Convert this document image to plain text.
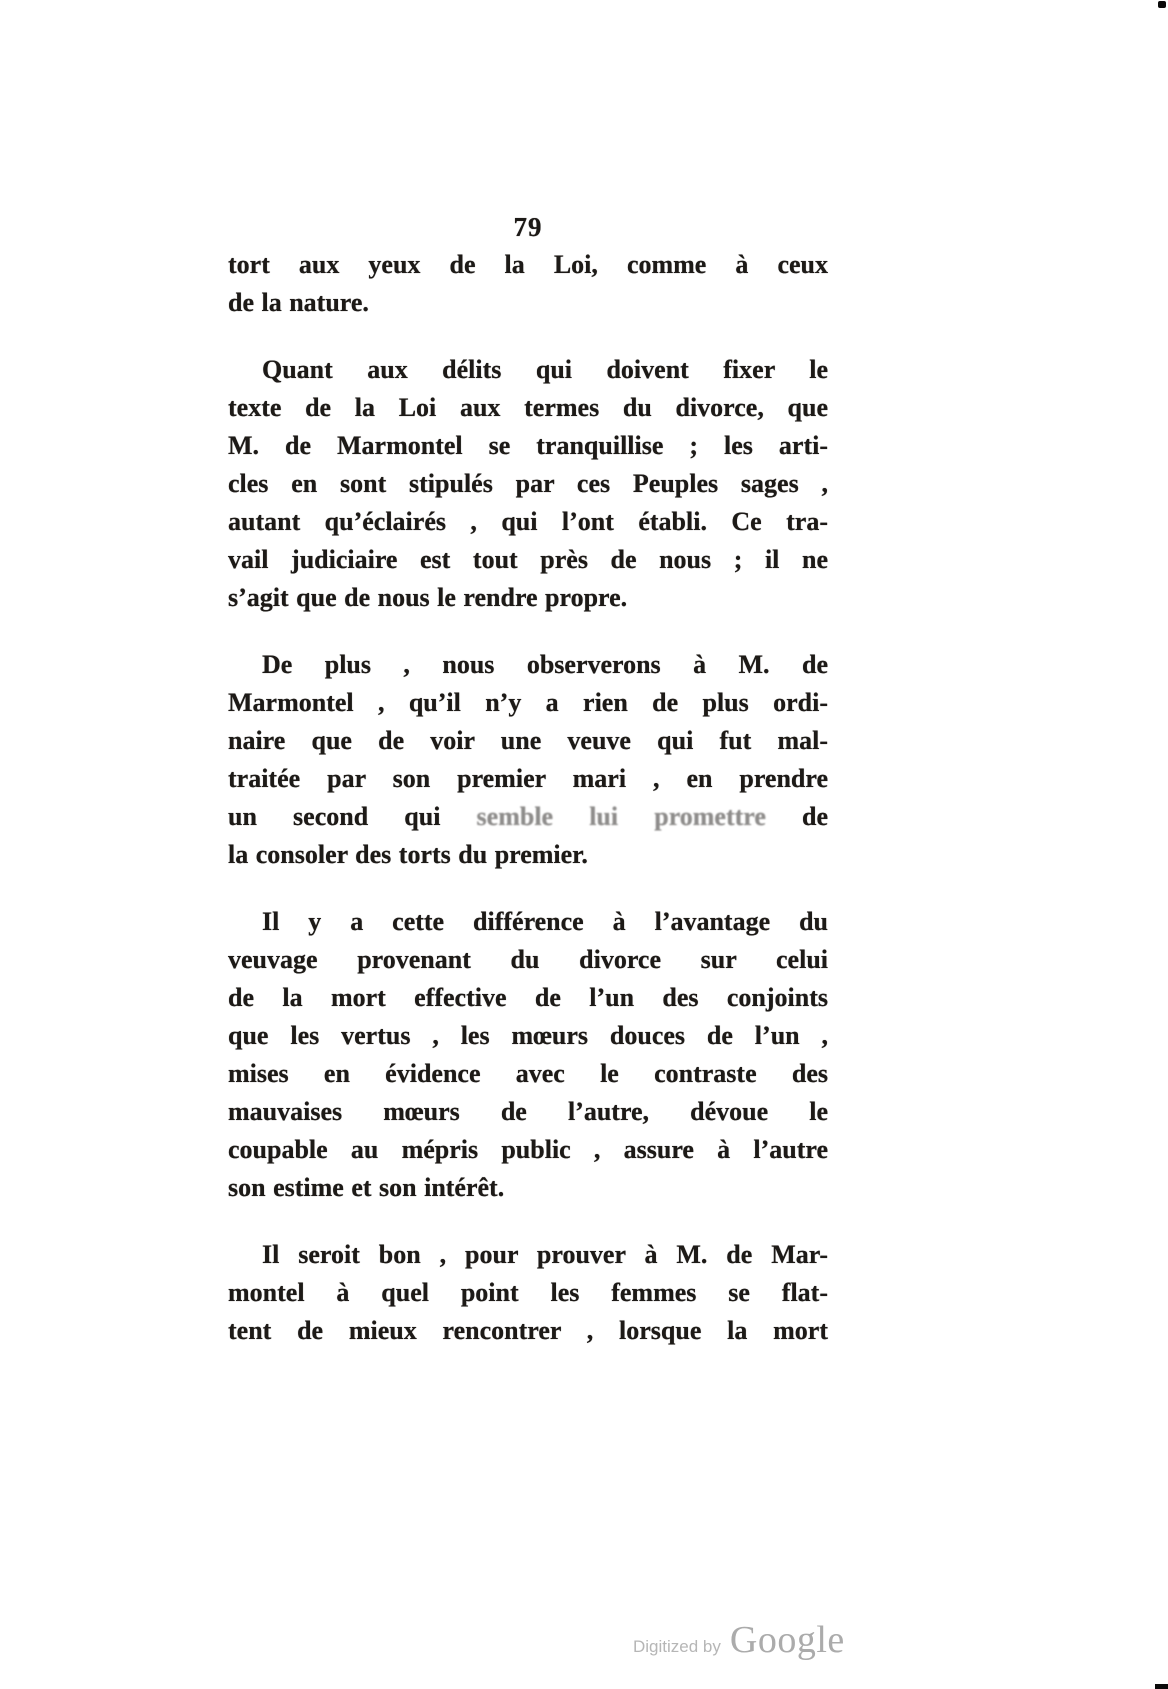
79
tort aux yeux de la Loi, comme à ceux
de la nature.
Quant aux délits qui doivent fixer le
texte de la Loi aux termes du divorce, que
M. de Marmontel se tranquillise ; les arti-
cles en sont stipulés par ces Peuples sages ,
autant qu’éclairés , qui l’ont établi. Ce tra-
vail judiciaire est tout près de nous ; il ne
s’agit que de nous le rendre propre.
De plus , nous observerons à M. de
Marmontel , qu’il n’y a rien de plus ordi-
naire que de voir une veuve qui fut mal-
traitée par son premier mari , en prendre
un second qui semble lui promettre de
la consoler des torts du premier.
Il y a cette différence à l’avantage du
veuvage provenant du divorce sur celui
de la mort effective de l’un des conjoints
que les vertus , les mœurs douces de l’un ,
mises en évidence avec le contraste des
mauvaises mœurs de l’autre, dévoue le
coupable au mépris public , assure à l’autre
son estime et son intérêt.
Il seroit bon , pour prouver à M. de Mar-
montel à quel point les femmes se flat-
tent de mieux rencontrer , lorsque la mort
Digitized by Google
